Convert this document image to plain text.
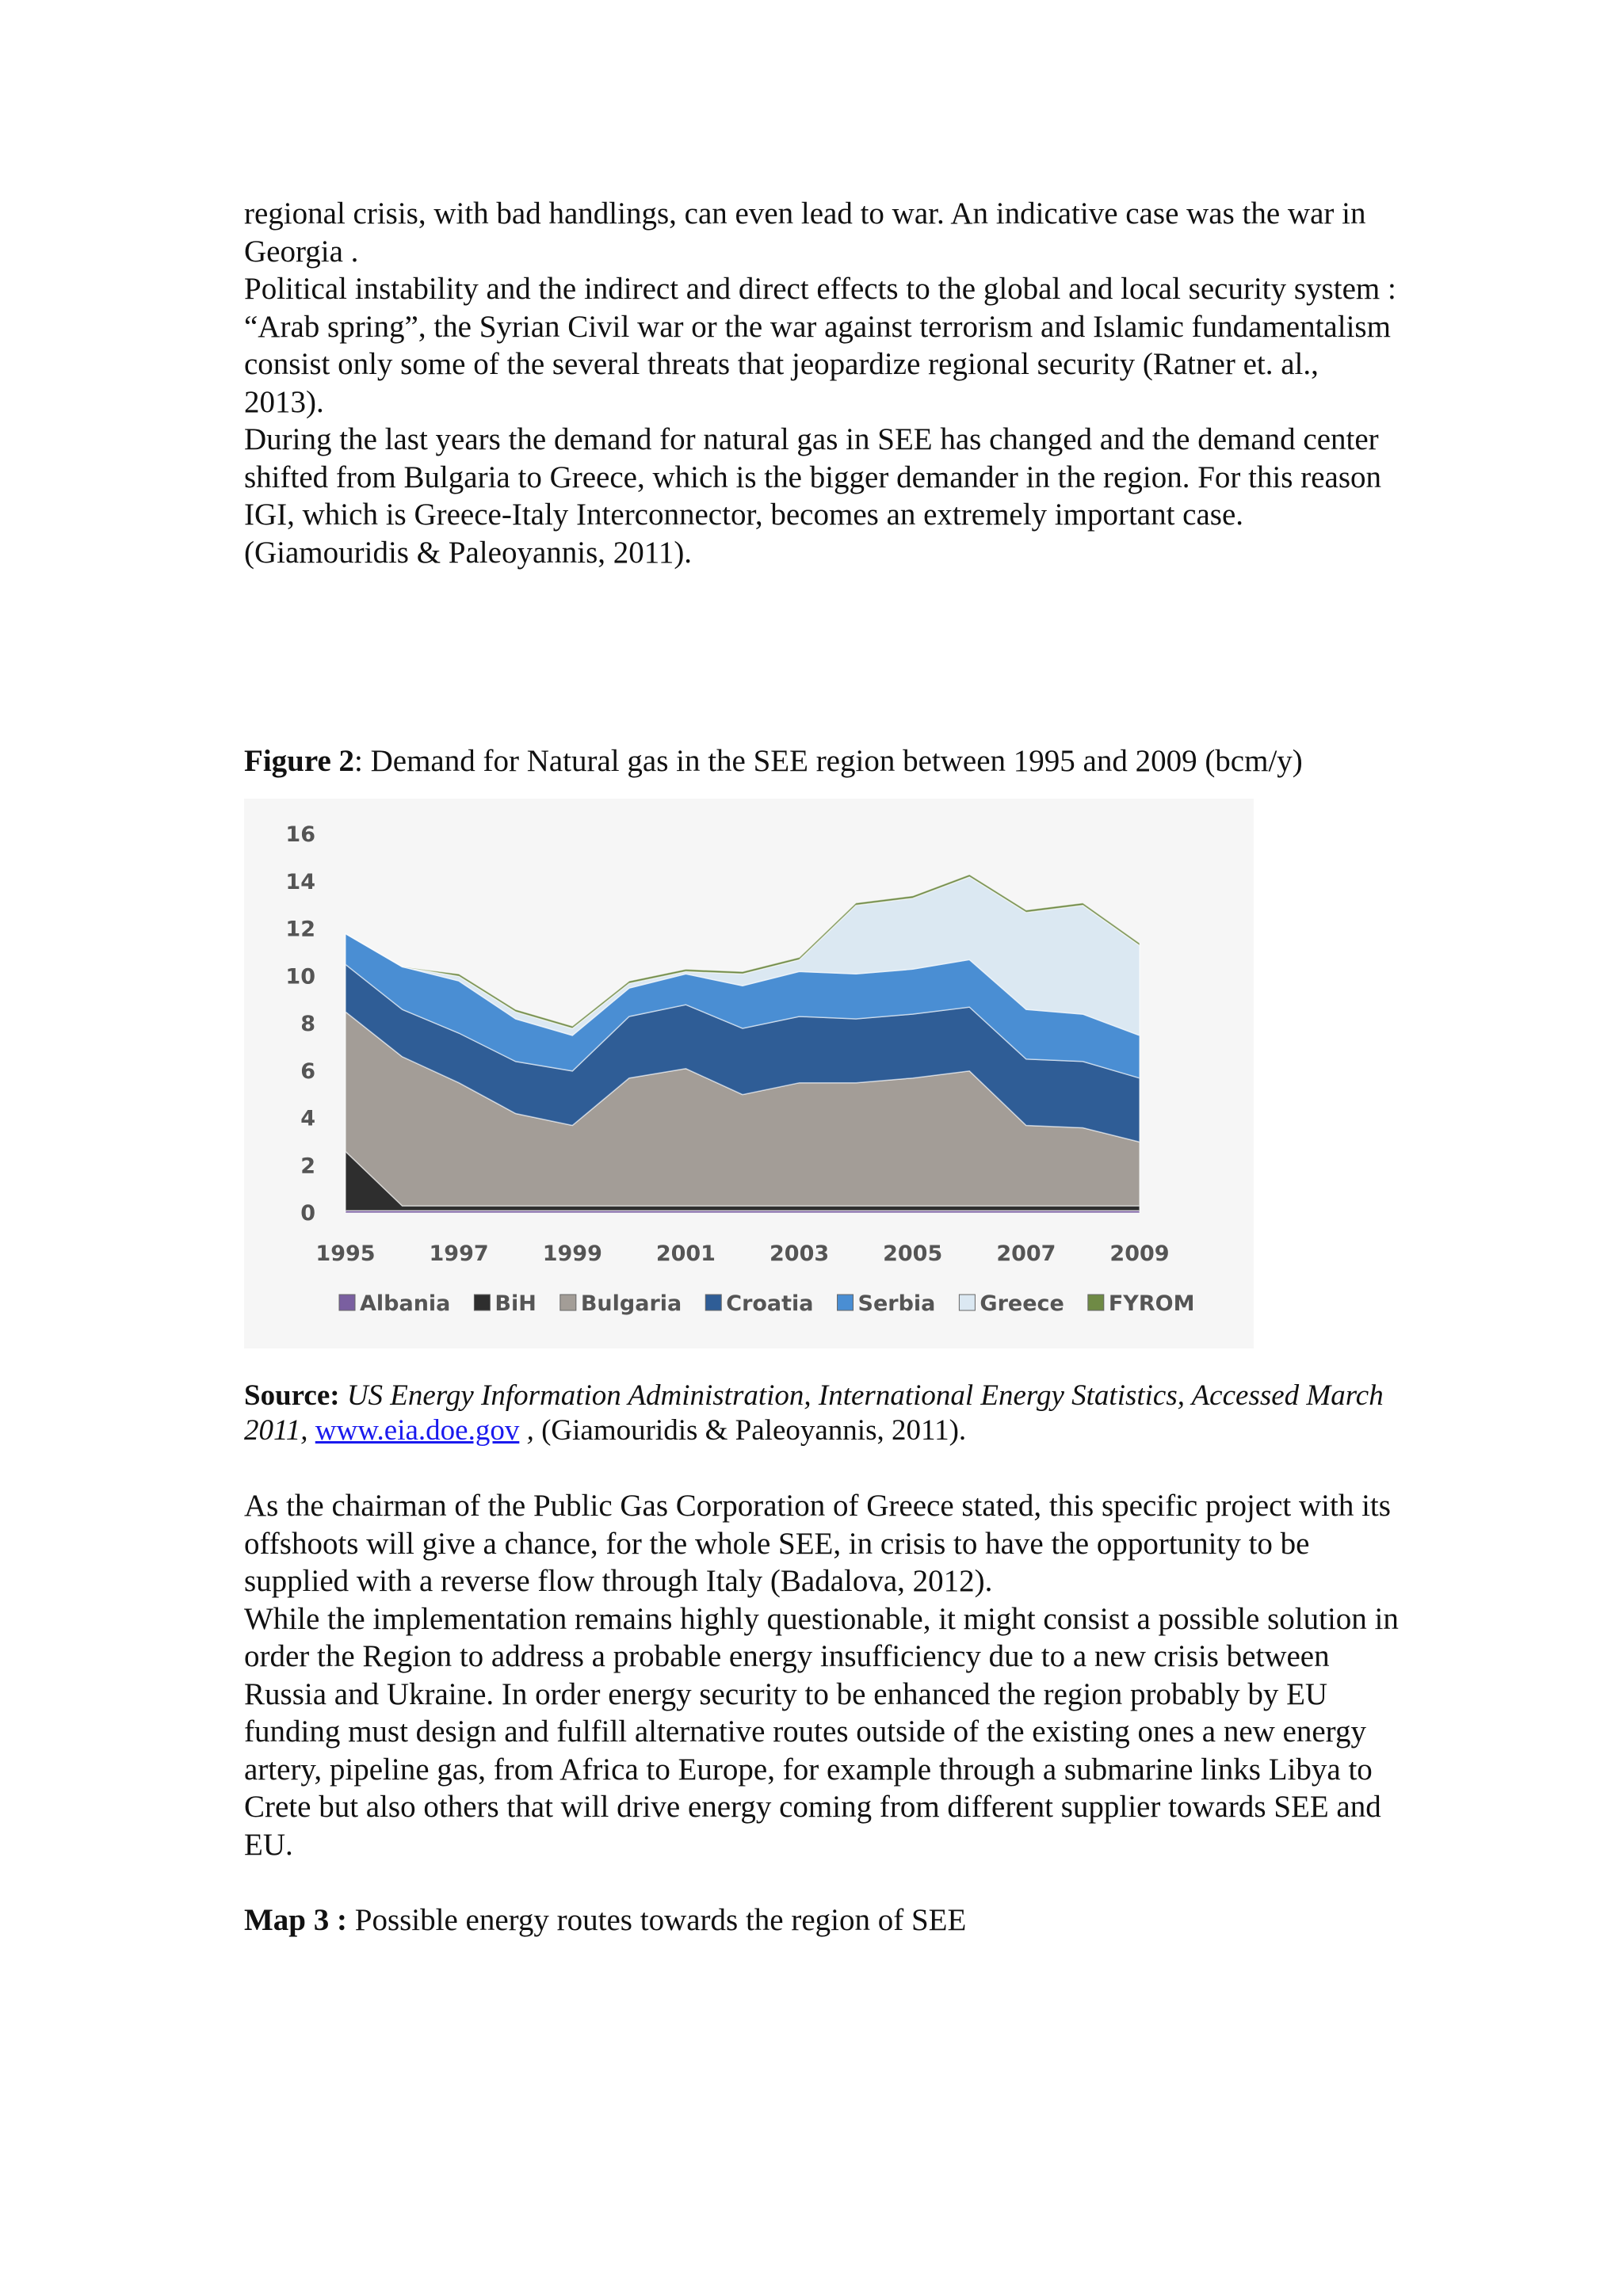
regional crisis, with bad handlings, can even lead to war. An indicative case was the war in Georgia .

Political instability and the indirect and direct effects to the global and local security system : “Arab spring”, the Syrian Civil war or the war against terrorism and Islamic fundamentalism consist only some of the several threats that jeopardize regional security (Ratner et. al., 2013).

During the last years the demand for natural gas in SEE has changed and the demand center shifted from Bulgaria to Greece, which is the bigger demander in the region. For this reason IGI, which is Greece-Italy Interconnector, becomes an extremely important case. (Giamouridis & Paleoyannis, 2011).

Figure 2: Demand for Natural gas in the SEE region between 1995 and 2009 (bcm/y)

0
2
4
6
8
10
12
14
16
1995	1997	1999	2001	2003	2005	2007	2009
Albania BiH Bulgaria Croatia Serbia Greece FYROM

Source: US Energy Information Administration, International Energy Statistics, Accessed March 2011, www.eia.doe.gov , (Giamouridis & Paleoyannis, 2011).

As the chairman of the Public Gas Corporation of Greece stated, this specific project with its offshoots will give a chance, for the whole SEE, in crisis to have the opportunity to be supplied with a reverse flow through Italy (Badalova, 2012).

While the implementation remains highly questionable, it might consist a possible solution in order the Region to address a probable energy insufficiency due to a new crisis between Russia and Ukraine. In order energy security to be enhanced the region probably by EU funding must design and fulfill alternative routes outside of the existing ones a new energy artery, pipeline gas, from Africa to Europe, for example through a submarine links Libya to Crete but also others that will drive energy coming from different supplier towards SEE and EU.

Map 3 : Possible energy routes towards the region of SEE
